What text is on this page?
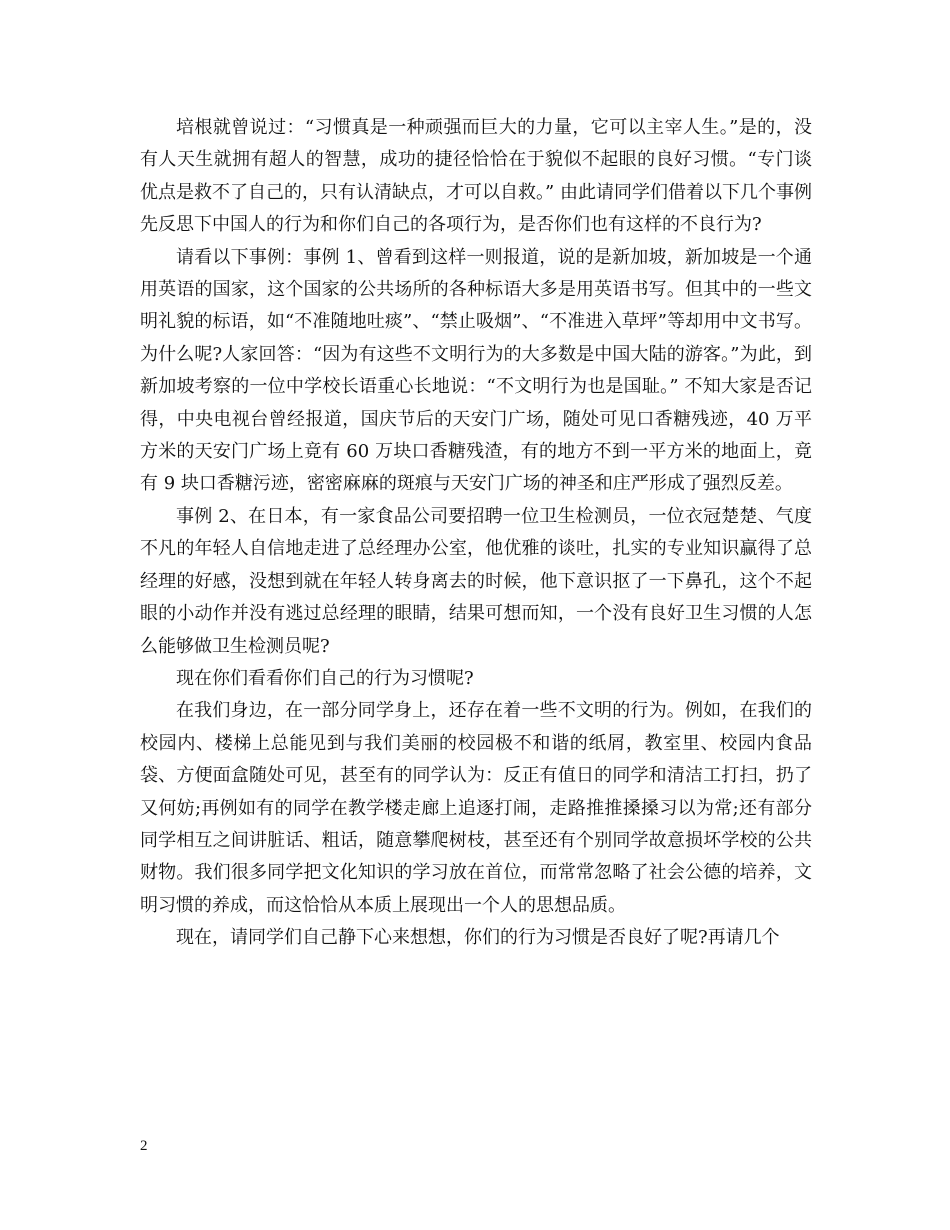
培根就曾说过：“习惯真是一种顽强而巨大的力量，它可以主宰人生。”是的，没有人天生就拥有超人的智慧，成功的捷径恰恰在于貌似不起眼的良好习惯。“专门谈优点是救不了自己的，只有认清缺点，才可以自救。” 由此请同学们借着以下几个事例先反思下中国人的行为和你们自己的各项行为，是否你们也有这样的不良行为?

请看以下事例：事例 1、曾看到这样一则报道，说的是新加坡，新加坡是一个通用英语的国家，这个国家的公共场所的各种标语大多是用英语书写。但其中的一些文明礼貌的标语，如“不准随地吐痰”、“禁止吸烟”、“不准进入草坪”等却用中文书写。为什么呢?人家回答：“因为有这些不文明行为的大多数是中国大陆的游客。”为此，到新加坡考察的一位中学校长语重心长地说：“不文明行为也是国耻。” 不知大家是否记得，中央电视台曾经报道，国庆节后的天安门广场，随处可见口香糖残迹，40 万平方米的天安门广场上竟有 60 万块口香糖残渣，有的地方不到一平方米的地面上，竟有 9 块口香糖污迹，密密麻麻的斑痕与天安门广场的神圣和庄严形成了强烈反差。

事例 2、在日本，有一家食品公司要招聘一位卫生检测员，一位衣冠楚楚、气度不凡的年轻人自信地走进了总经理办公室，他优雅的谈吐，扎实的专业知识赢得了总经理的好感，没想到就在年轻人转身离去的时候，他下意识抠了一下鼻孔，这个不起眼的小动作并没有逃过总经理的眼睛，结果可想而知，一个没有良好卫生习惯的人怎么能够做卫生检测员呢?

现在你们看看你们自己的行为习惯呢?

在我们身边，在一部分同学身上，还存在着一些不文明的行为。例如，在我们的校园内、楼梯上总能见到与我们美丽的校园极不和谐的纸屑，教室里、校园内食品袋、方便面盒随处可见，甚至有的同学认为：反正有值日的同学和清洁工打扫，扔了又何妨;再例如有的同学在教学楼走廊上追逐打闹，走路推推搡搡习以为常;还有部分同学相互之间讲脏话、粗话，随意攀爬树枝，甚至还有个别同学故意损坏学校的公共财物。我们很多同学把文化知识的学习放在首位，而常常忽略了社会公德的培养，文明习惯的养成，而这恰恰从本质上展现出一个人的思想品质。

现在，请同学们自己静下心来想想，你们的行为习惯是否良好了呢?再请几个

2
